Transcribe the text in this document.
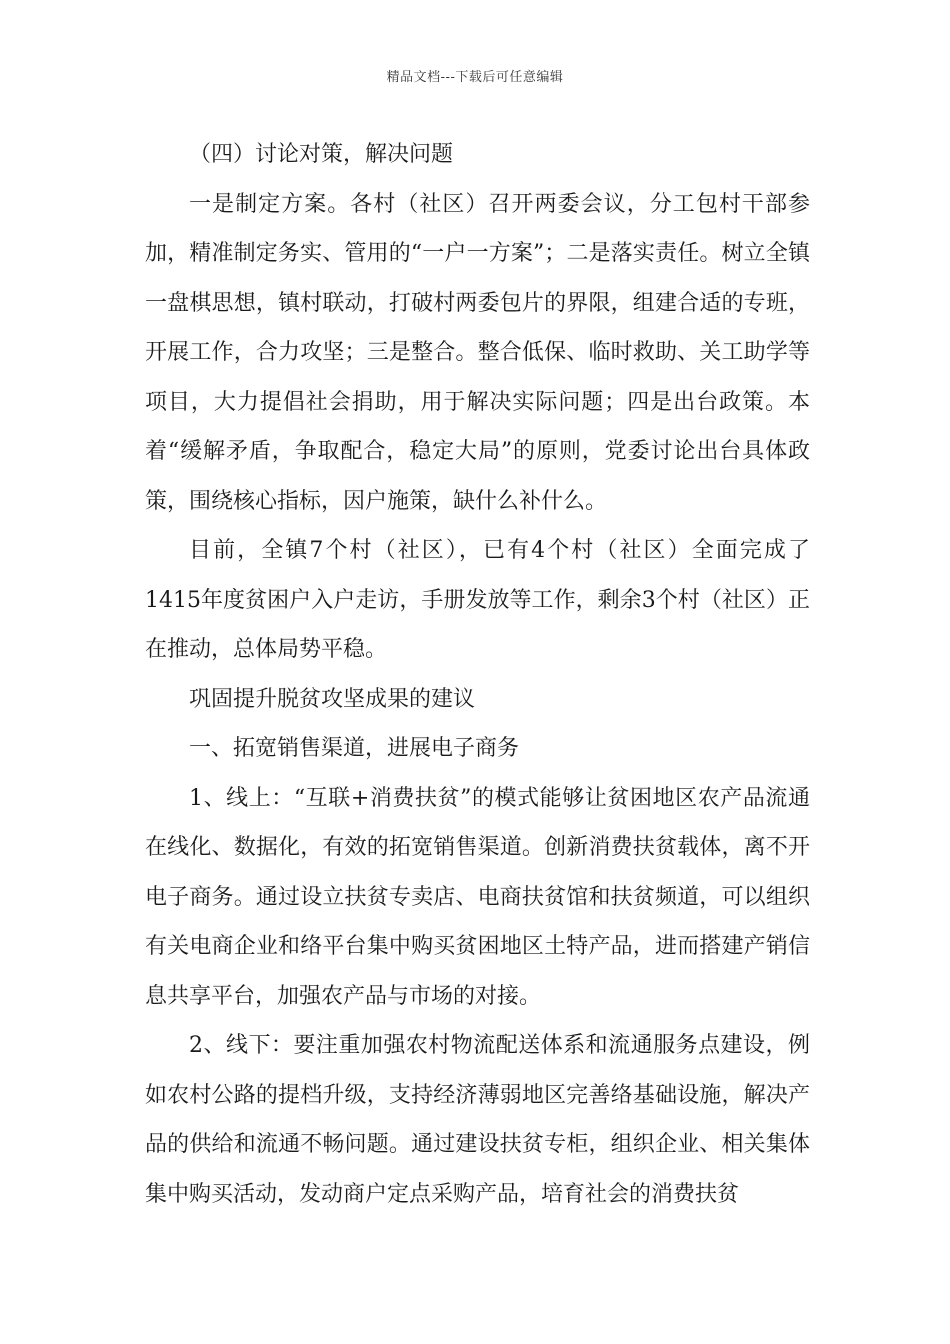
精品文档---下载后可任意编辑

（四）讨论对策，解决问题

一是制定方案。各村（社区）召开两委会议，分工包村干部参加，精准制定务实、管用的“一户一方案”；二是落实责任。树立全镇一盘棋思想，镇村联动，打破村两委包片的界限，组建合适的专班，开展工作，合力攻坚；三是整合。整合低保、临时救助、关工助学等项目，大力提倡社会捐助，用于解决实际问题；四是出台政策。本着“缓解矛盾，争取配合，稳定大局”的原则，党委讨论出台具体政策，围绕核心指标，因户施策，缺什么补什么。

目前，全镇7个村（社区），已有4个村（社区）全面完成了1415年度贫困户入户走访，手册发放等工作，剩余3个村（社区）正在推动，总体局势平稳。

巩固提升脱贫攻坚成果的建议

一、拓宽销售渠道，进展电子商务

1、线上：“互联+消费扶贫”的模式能够让贫困地区农产品流通在线化、数据化，有效的拓宽销售渠道。创新消费扶贫载体，离不开电子商务。通过设立扶贫专卖店、电商扶贫馆和扶贫频道，可以组织有关电商企业和络平台集中购买贫困地区土特产品，进而搭建产销信息共享平台，加强农产品与市场的对接。

2、线下：要注重加强农村物流配送体系和流通服务点建设，例如农村公路的提档升级，支持经济薄弱地区完善络基础设施，解决产品的供给和流通不畅问题。通过建设扶贫专柜，组织企业、相关集体集中购买活动，发动商户定点采购产品，培育社会的消费扶贫
